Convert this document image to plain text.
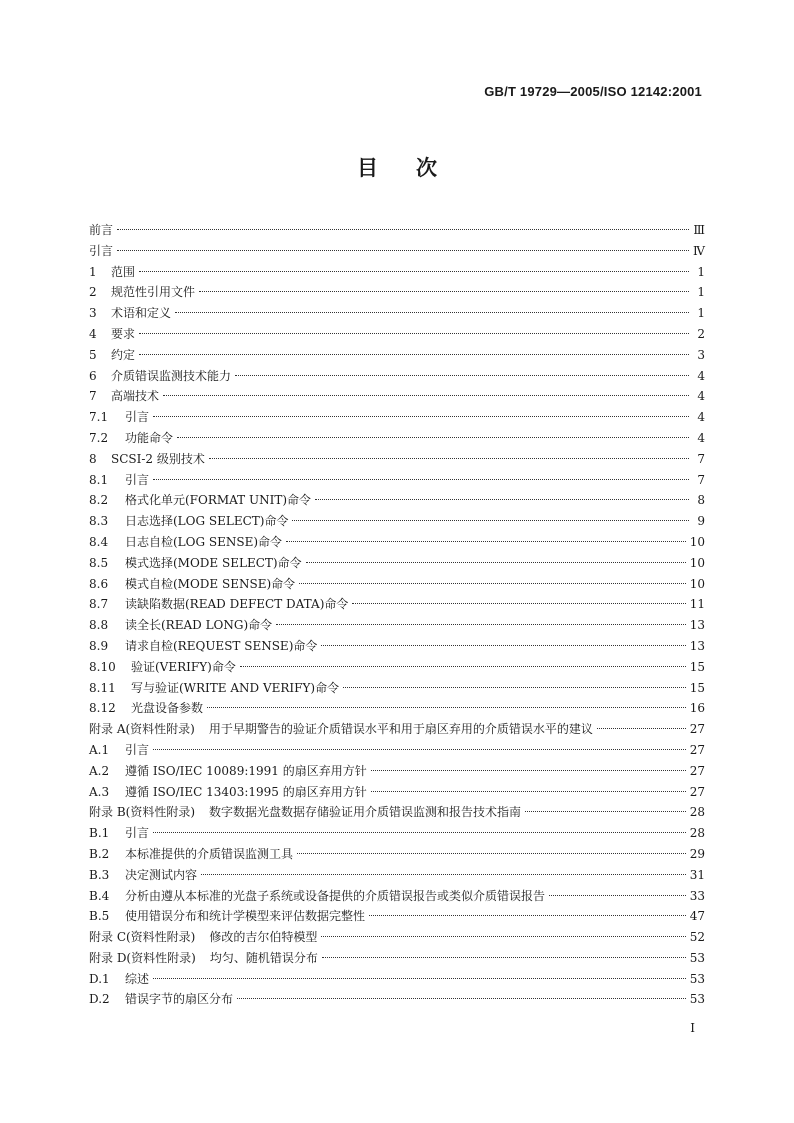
GB/T 19729—2005/ISO 12142:2001
目次
前言	Ⅲ
引言	Ⅳ
1	范围	1
2	规范性引用文件	1
3	术语和定义	1
4	要求	2
5	约定	3
6	介质错误监测技术能力	4
7	高端技术	4
7.1	引言	4
7.2	功能命令	4
8	SCSI-2 级别技术	7
8.1	引言	7
8.2	格式化单元(FORMAT UNIT)命令	8
8.3	日志选择(LOG SELECT)命令	9
8.4	日志自检(LOG SENSE)命令	10
8.5	模式选择(MODE SELECT)命令	10
8.6	模式自检(MODE SENSE)命令	10
8.7	读缺陷数据(READ DEFECT DATA)命令	11
8.8	读全长(READ LONG)命令	13
8.9	请求自检(REQUEST SENSE)命令	13
8.10	验证(VERIFY)命令	15
8.11	写与验证(WRITE AND VERIFY)命令	15
8.12	光盘设备参数	16
附录 A(资料性附录) 用于早期警告的验证介质错误水平和用于扇区弃用的介质错误水平的建议	27
A.1	引言	27
A.2	遵循 ISO/IEC 10089:1991 的扇区弃用方针	27
A.3	遵循 ISO/IEC 13403:1995 的扇区弃用方针	27
附录 B(资料性附录) 数字数据光盘数据存储验证用介质错误监测和报告技术指南	28
B.1	引言	28
B.2	本标准提供的介质错误监测工具	29
B.3	决定测试内容	31
B.4	分析由遵从本标准的光盘子系统或设备提供的介质错误报告或类似介质错误报告	33
B.5	使用错误分布和统计学模型来评估数据完整性	47
附录 C(资料性附录) 修改的吉尔伯特模型	52
附录 D(资料性附录) 均匀、随机错误分布	53
D.1	综述	53
D.2	错误字节的扇区分布	53
I
